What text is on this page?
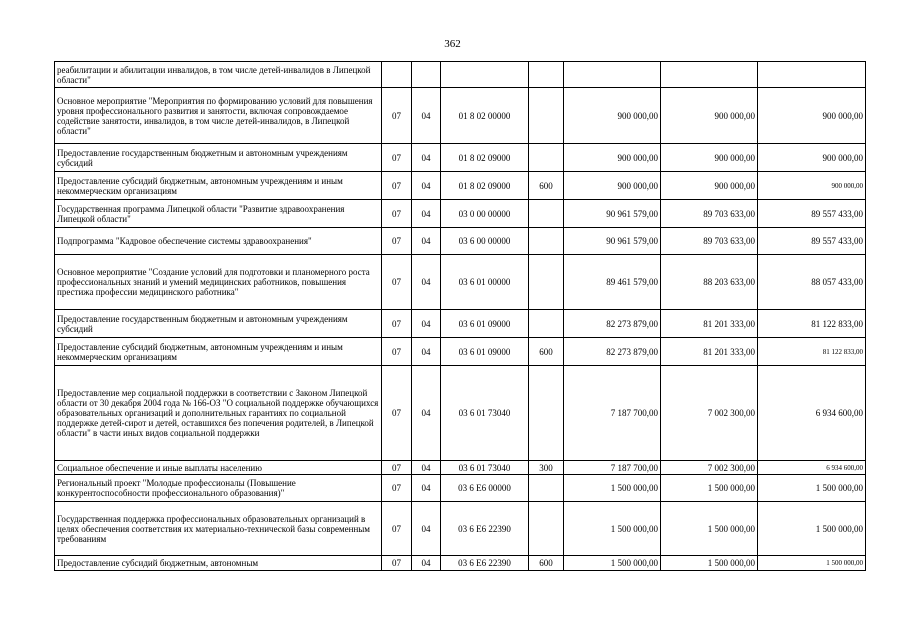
362
реабилитации и абилитации инвалидов, в том числе детей-инвалидов в Липецкой области"							
Основное мероприятие "Мероприятия по формированию условий для повышения уровня профессионального развития и занятости, включая сопровождаемое содействие занятости, инвалидов, в том числе детей-инвалидов, в Липецкой области"	07	04	01 8 02 00000		900 000,00	900 000,00	900 000,00
Предоставление государственным бюджетным и автономным учреждениям субсидий	07	04	01 8 02 09000		900 000,00	900 000,00	900 000,00
Предоставление субсидий бюджетным, автономным учреждениям и иным некоммерческим организациям	07	04	01 8 02 09000	600	900 000,00	900 000,00	900 000,00
Государственная программа Липецкой области "Развитие здравоохранения Липецкой области"	07	04	03 0 00 00000		90 961 579,00	89 703 633,00	89 557 433,00
Подпрограмма "Кадровое обеспечение системы здравоохранения"	07	04	03 6 00 00000		90 961 579,00	89 703 633,00	89 557 433,00
Основное мероприятие "Создание условий для подготовки и планомерного роста профессиональных знаний и умений медицинских работников, повышения престижа профессии медицинского работника"	07	04	03 6 01 00000		89 461 579,00	88 203 633,00	88 057 433,00
Предоставление государственным бюджетным и автономным учреждениям субсидий	07	04	03 6 01 09000		82 273 879,00	81 201 333,00	81 122 833,00
Предоставление субсидий бюджетным, автономным учреждениям и иным некоммерческим организациям	07	04	03 6 01 09000	600	82 273 879,00	81 201 333,00	81 122 833,00
Предоставление мер социальной поддержки в соответствии с Законом Липецкой области от 30 декабря 2004 года № 166-ОЗ "О социальной поддержке обучающихся образовательных организаций и дополнительных гарантиях по социальной поддержке детей-сирот и детей, оставшихся без попечения родителей, в Липецкой области" в части иных видов социальной поддержки	07	04	03 6 01 73040		7 187 700,00	7 002 300,00	6 934 600,00
Социальное обеспечение и иные выплаты населению	07	04	03 6 01 73040	300	7 187 700,00	7 002 300,00	6 934 600,00
Региональный проект "Молодые профессионалы (Повышение конкурентоспособности профессионального образования)"	07	04	03 6 Е6 00000		1 500 000,00	1 500 000,00	1 500 000,00
Государственная поддержка профессиональных образовательных организаций в целях обеспечения соответствия их материально-технической базы современным требованиям	07	04	03 6 Е6 22390		1 500 000,00	1 500 000,00	1 500 000,00
Предоставление субсидий бюджетным, автономным	07	04	03 6 Е6 22390	600	1 500 000,00	1 500 000,00	1 500 000,00
